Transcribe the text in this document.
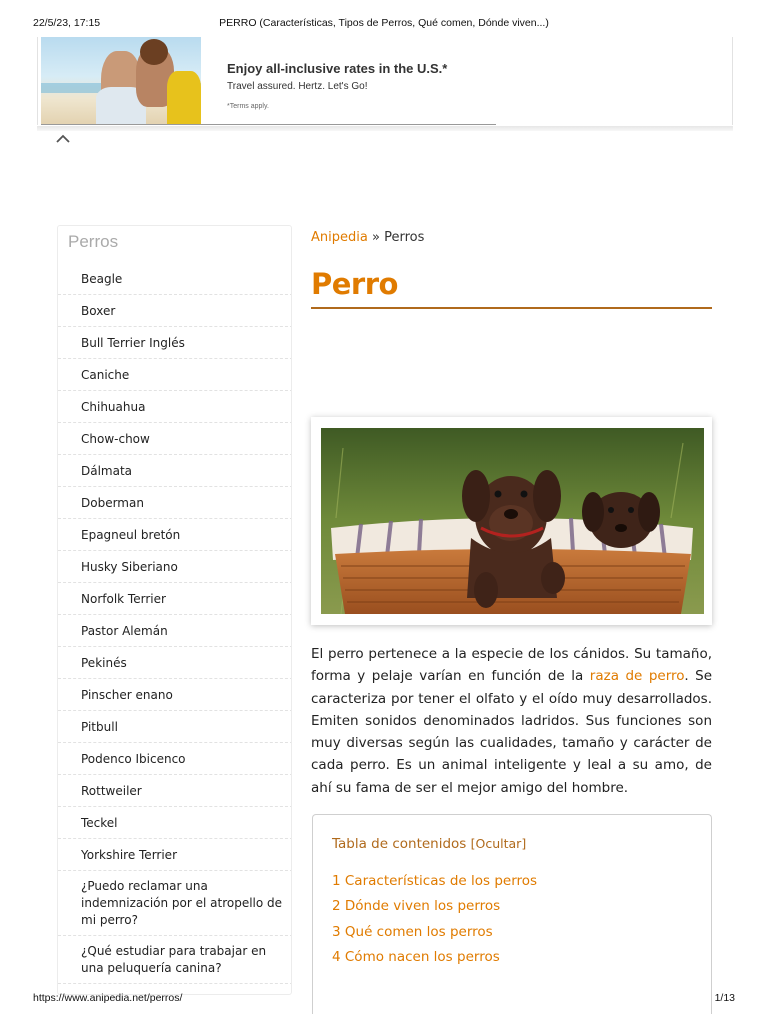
22/5/23, 17:15	PERRO (Características, Tipos de Perros, Qué comen, Dónde viven...)
Enjoy all-inclusive rates in the U.S.*
Travel assured. Hertz. Let's Go!
*Terms apply.
Perros
Beagle
Boxer
Bull Terrier Inglés
Caniche
Chihuahua
Chow-chow
Dálmata
Doberman
Epagneul bretón
Husky Siberiano
Norfolk Terrier
Pastor Alemán
Pekinés
Pinscher enano
Pitbull
Podenco Ibicenco
Rottweiler
Teckel
Yorkshire Terrier
¿Puedo reclamar una indemnización por el atropello de mi perro?
¿Qué estudiar para trabajar en una peluquería canina?
Anipedia » Perros
Perro

El perro pertenece a la especie de los cánidos. Su tamaño, forma y pelaje varían en función de la raza de perro. Se caracteriza por tener el olfato y el oído muy desarrollados. Emiten sonidos denominados ladridos. Sus funciones son muy diversas según las cualidades, tamaño y carácter de cada perro. Es un animal inteligente y leal a su amo, de ahí su fama de ser el mejor amigo del hombre.

Tabla de contenidos [Ocultar]
1 Características de los perros
2 Dónde viven los perros
3 Qué comen los perros
4 Cómo nacen los perros
https://www.anipedia.net/perros/	1/13
